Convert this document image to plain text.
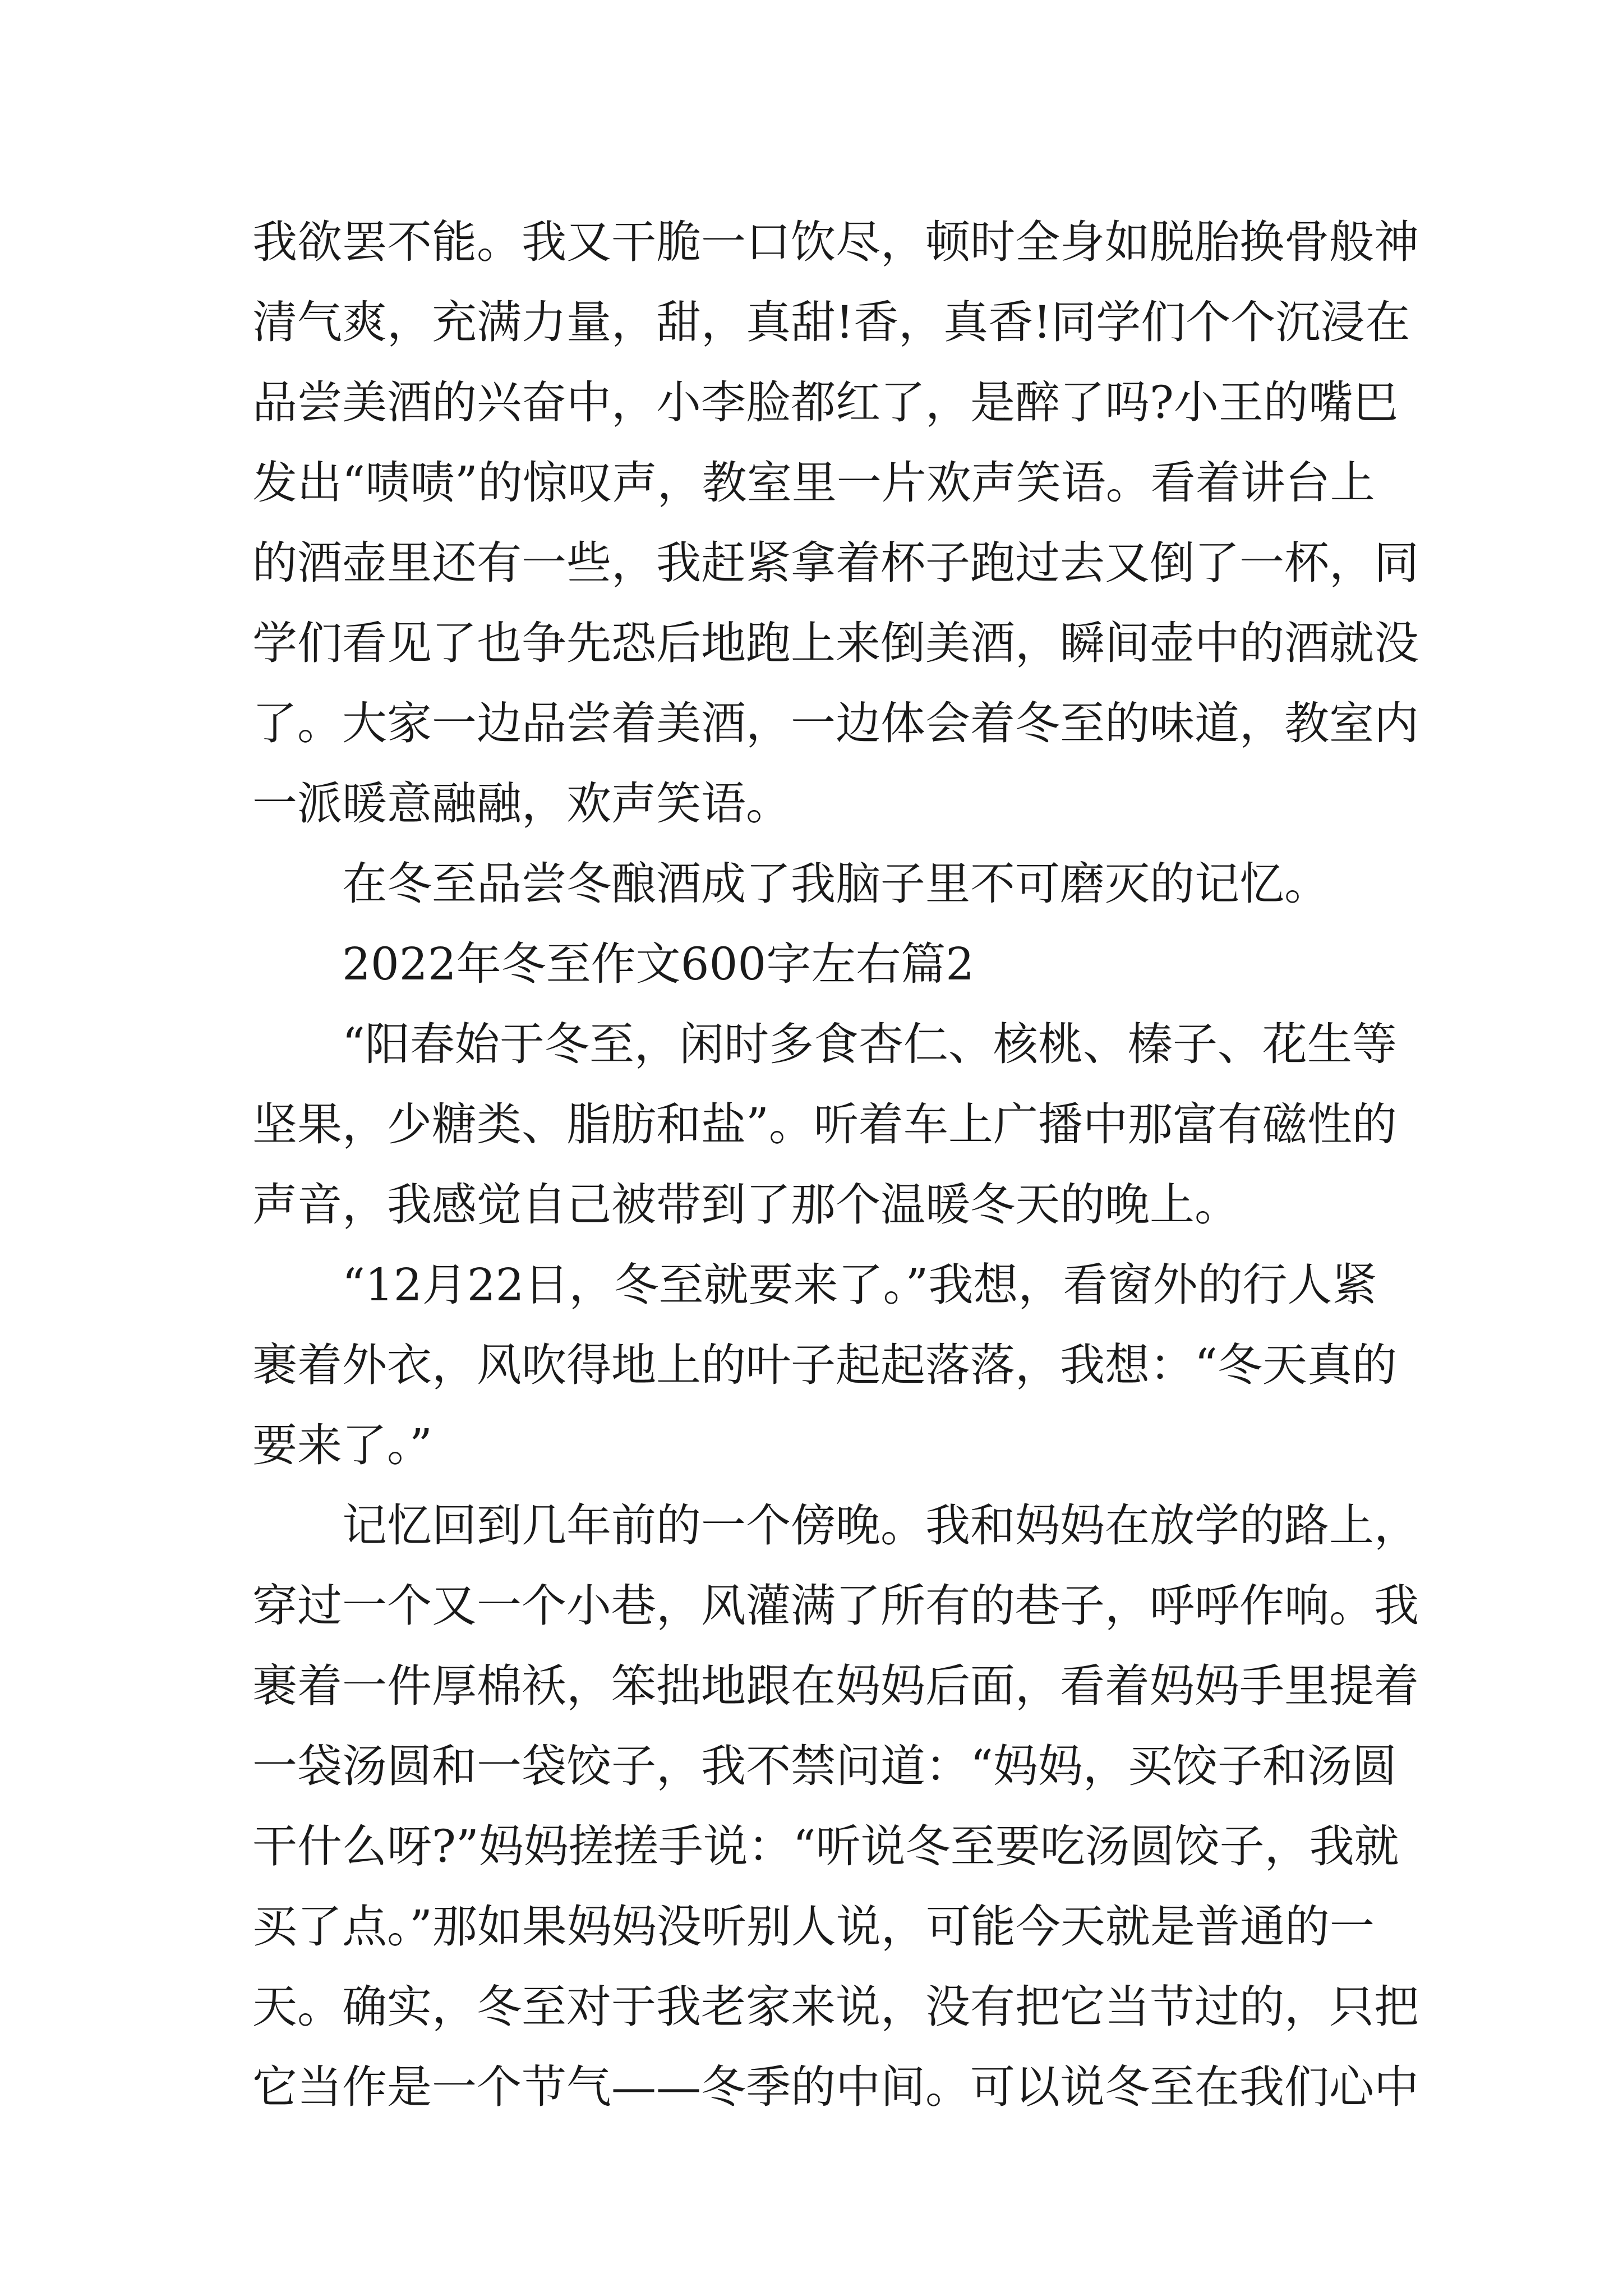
我欲罢不能。我又干脆一口饮尽，顿时全身如脱胎换骨般神
清气爽，充满力量，甜，真甜!香，真香!同学们个个沉浸在
品尝美酒的兴奋中，小李脸都红了，是醉了吗?小王的嘴巴
发出“啧啧”的惊叹声，教室里一片欢声笑语。看着讲台上
的酒壶里还有一些，我赶紧拿着杯子跑过去又倒了一杯，同
学们看见了也争先恐后地跑上来倒美酒，瞬间壶中的酒就没
了。大家一边品尝着美酒，一边体会着冬至的味道，教室内
一派暖意融融，欢声笑语。
在冬至品尝冬酿酒成了我脑子里不可磨灭的记忆。
2022年冬至作文600字左右篇2
“阳春始于冬至，闲时多食杏仁、核桃、榛子、花生等
坚果，少糖类、脂肪和盐”。听着车上广播中那富有磁性的
声音，我感觉自己被带到了那个温暖冬天的晚上。
“12月22日，冬至就要来了。”我想，看窗外的行人紧
裹着外衣，风吹得地上的叶子起起落落，我想：“冬天真的
要来了。”
记忆回到几年前的一个傍晚。我和妈妈在放学的路上，
穿过一个又一个小巷，风灌满了所有的巷子，呼呼作响。我
裹着一件厚棉袄，笨拙地跟在妈妈后面，看着妈妈手里提着
一袋汤圆和一袋饺子，我不禁问道：“妈妈，买饺子和汤圆
干什么呀?”妈妈搓搓手说：“听说冬至要吃汤圆饺子，我就
买了点。”那如果妈妈没听别人说，可能今天就是普通的一
天。确实，冬至对于我老家来说，没有把它当节过的，只把
它当作是一个节气——冬季的中间。可以说冬至在我们心中
